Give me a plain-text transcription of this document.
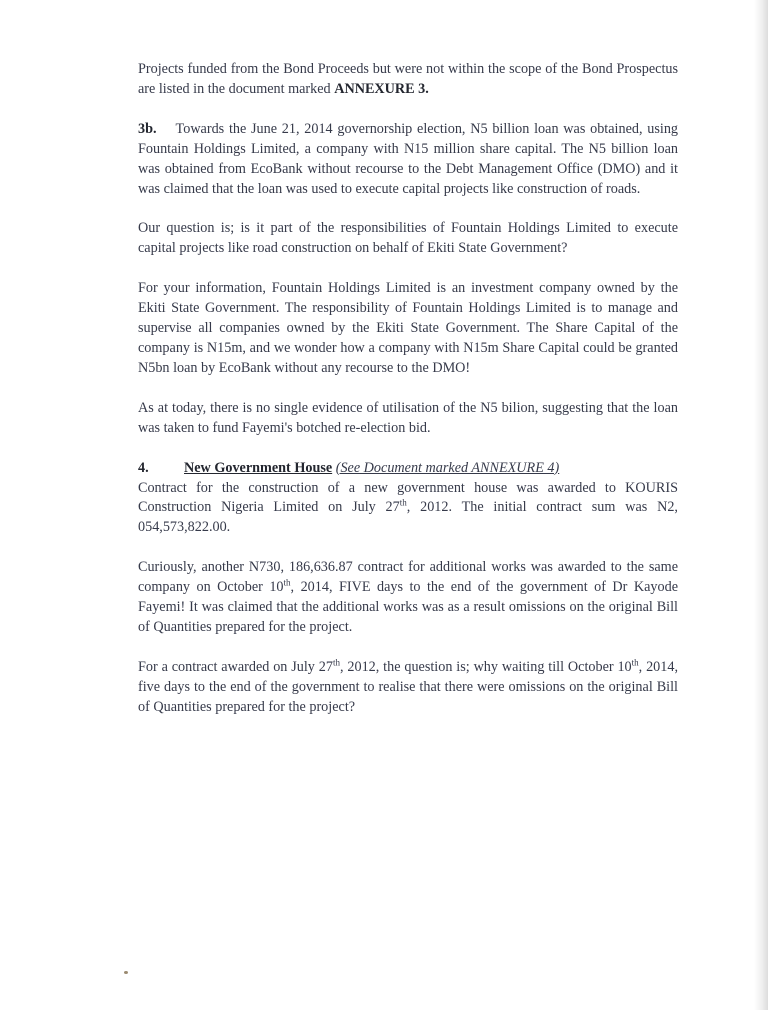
Projects funded from the Bond Proceeds but were not within the scope of the Bond Prospectus are listed in the document marked ANNEXURE 3.

3b. Towards the June 21, 2014 governorship election, N5 billion loan was obtained, using Fountain Holdings Limited, a company with N15 million share capital. The N5 billion loan was obtained from EcoBank without recourse to the Debt Management Office (DMO) and it was claimed that the loan was used to execute capital projects like construction of roads.

Our question is; is it part of the responsibilities of Fountain Holdings Limited to execute capital projects like road construction on behalf of Ekiti State Government?

For your information, Fountain Holdings Limited is an investment company owned by the Ekiti State Government. The responsibility of Fountain Holdings Limited is to manage and supervise all companies owned by the Ekiti State Government. The Share Capital of the company is N15m, and we wonder how a company with N15m Share Capital could be granted N5bn loan by EcoBank without any recourse to the DMO!

As at today, there is no single evidence of utilisation of the N5 bilion, suggesting that the loan was taken to fund Fayemi's botched re-election bid.

4. New Government House (See Document marked ANNEXURE 4)

Contract for the construction of a new government house was awarded to KOURIS Construction Nigeria Limited on July 27th, 2012. The initial contract sum was N2, 054,573,822.00.

Curiously, another N730, 186,636.87 contract for additional works was awarded to the same company on October 10th, 2014, FIVE days to the end of the government of Dr Kayode Fayemi! It was claimed that the additional works was as a result omissions on the original Bill of Quantities prepared for the project.

For a contract awarded on July 27th, 2012, the question is; why waiting till October 10th, 2014, five days to the end of the government to realise that there were omissions on the original Bill of Quantities prepared for the project?
